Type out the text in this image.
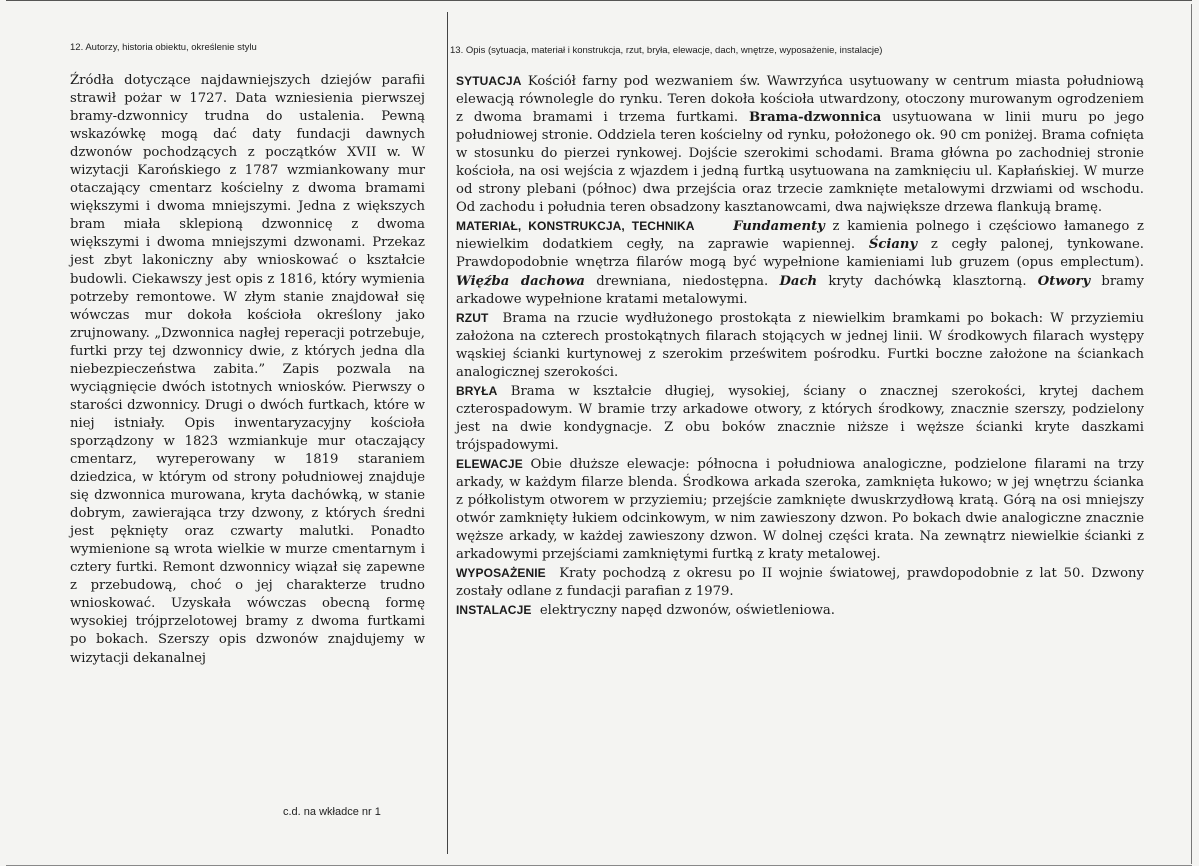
12. Autorzy, historia obiektu, określenie stylu	13. Opis (sytuacja, materiał i konstrukcja, rzut, bryła, elewacje, dach, wnętrze, wyposażenie, instalacje)

Źródła dotyczące najdawniejszych dziejów parafii strawił pożar w 1727. Data wzniesienia pierwszej bramy-dzwonnicy trudna do ustalenia. Pewną wskazówkę mogą dać daty fundacji dawnych dzwonów pochodzących z początków XVII w. W wizytacji Karońskiego z 1787 wzmiankowany mur otaczający cmentarz kościelny z dwoma bramami większymi i dwoma mniejszymi. Jedna z większych bram miała sklepioną dzwonnicę z dwoma większymi i dwoma mniejszymi dzwonami. Przekaz jest zbyt lakoniczny aby wnioskować o kształcie budowli. Ciekawszy jest opis z 1816, który wymienia potrzeby remontowe. W złym stanie znajdował się wówczas mur dokoła kościoła określony jako zrujnowany. „Dzwonnica nagłej reperacji potrzebuje, furtki przy tej dzwonnicy dwie, z których jedna dla niebezpieczeństwa zabita.” Zapis pozwala na wyciągnięcie dwóch istotnych wniosków. Pierwszy o starości dzwonnicy. Drugi o dwóch furtkach, które w niej istniały. Opis inwentaryzacyjny kościoła sporządzony w 1823 wzmiankuje mur otaczający cmentarz, wyreperowany w 1819 staraniem dziedzica, w którym od strony południowej znajduje się dzwonnica murowana, kryta dachówką, w stanie dobrym, zawierająca trzy dzwony, z których średni jest pęknięty oraz czwarty malutki. Ponadto wymienione są wrota wielkie w murze cmentarnym i cztery furtki. Remont dzwonnicy wiązał się zapewne z przebudową, choć o jej charakterze trudno wnioskować. Uzyskała wówczas obecną formę wysokiej trójprzelotowej bramy z dwoma furtkami po bokach. Szerszy opis dzwonów znajdujemy w wizytacji dekanalnej

SYTUACJA Kościół farny pod wezwaniem św. Wawrzyńca usytuowany w centrum miasta południową elewacją równolegle do rynku. Teren dokoła kościoła utwardzony, otoczony murowanym ogrodzeniem z dwoma bramami i trzema furtkami. Brama-dzwonnica usytuowana w linii muru po jego południowej stronie. Oddziela teren kościelny od rynku, położonego ok. 90 cm poniżej. Brama cofnięta w stosunku do pierzei rynkowej. Dojście szerokimi schodami. Brama główna po zachodniej stronie kościoła, na osi wejścia z wjazdem i jedną furtką usytuowana na zamknięciu ul. Kapłańskiej. W murze od strony plebani (północ) dwa przejścia oraz trzecie zamknięte metalowymi drzwiami od wschodu. Od zachodu i południa teren obsadzony kasztanowcami, dwa największe drzewa flankują bramę.

MATERIAŁ, KONSTRUKCJA, TECHNIKA	Fundamenty z kamienia polnego i częściowo łamanego z niewielkim dodatkiem cegły, na zaprawie wapiennej. Ściany z cegły palonej, tynkowane. Prawdopodobnie wnętrza filarów mogą być wypełnione kamieniami lub gruzem (opus emplectum). Więźba dachowa drewniana, niedostępna. Dach kryty dachówką klasztorną. Otwory bramy arkadowe wypełnione kratami metalowymi.

RZUT Brama na rzucie wydłużonego prostokąta z niewielkim bramkami po bokach: W przyziemiu założona na czterech prostokątnych filarach stojących w jednej linii. W środkowych filarach występy wąskiej ścianki kurtynowej z szerokim prześwitem pośrodku. Furtki boczne założone na ściankach analogicznej szerokości.

BRYŁA Brama w kształcie długiej, wysokiej, ściany o znacznej szerokości, krytej dachem czterospadowym. W bramie trzy arkadowe otwory, z których środkowy, znacznie szerszy, podzielony jest na dwie kondygnacje. Z obu boków znacznie niższe i węższe ścianki kryte daszkami trójspadowymi.

ELEWACJE Obie dłuższe elewacje: północna i południowa analogiczne, podzielone filarami na trzy arkady, w każdym filarze blenda. Środkowa arkada szeroka, zamknięta łukowo; w jej wnętrzu ścianka z półkolistym otworem w przyziemiu; przejście zamknięte dwuskrzydłową kratą. Górą na osi mniejszy otwór zamknięty łukiem odcinkowym, w nim zawieszony dzwon. Po bokach dwie analogiczne znacznie węższe arkady, w każdej zawieszony dzwon. W dolnej części krata. Na zewnątrz niewielkie ścianki z arkadowymi przejściami zamkniętymi furtką z kraty metalowej.

WYPOSAŻENIE Kraty pochodzą z okresu po II wojnie światowej, prawdopodobnie z lat 50. Dzwony zostały odlane z fundacji parafian z 1979.

INSTALACJE elektryczny napęd dzwonów, oświetleniowa.

c.d. na wkładce nr 1
